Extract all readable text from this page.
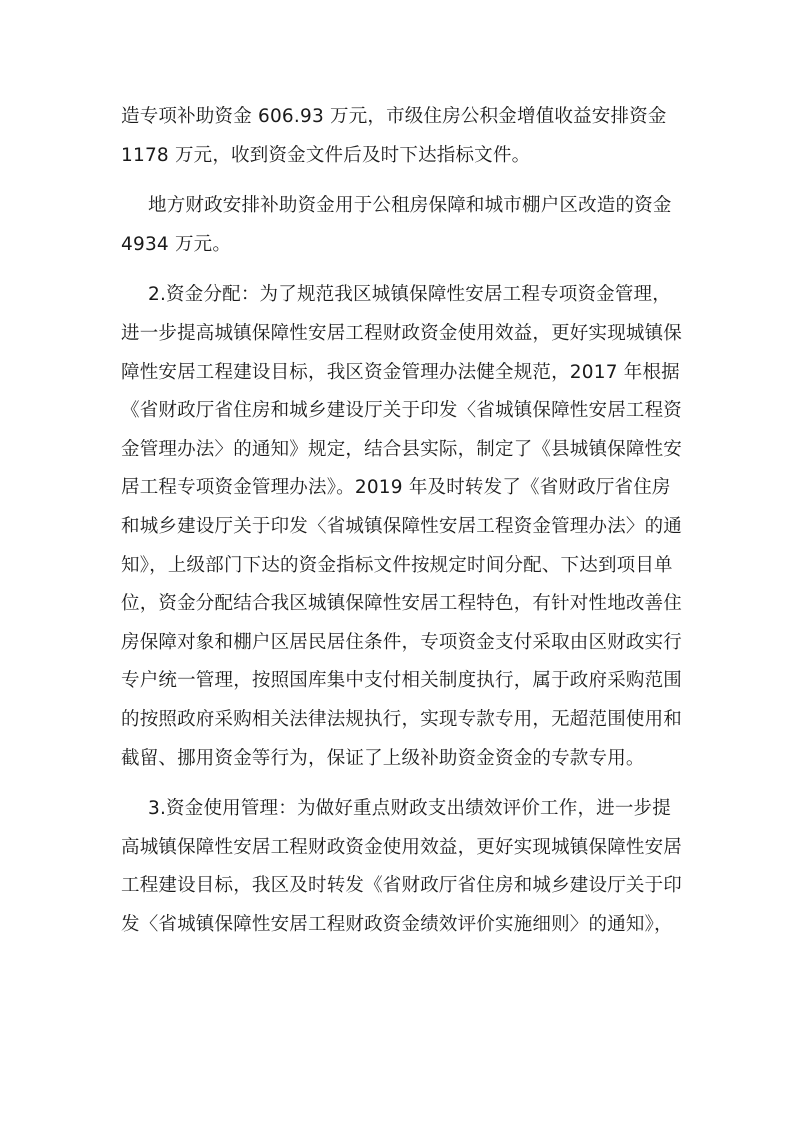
造专项补助资金 606.93 万元，市级住房公积金增值收益安排资金
1178 万元，收到资金文件后及时下达指标文件。
地方财政安排补助资金用于公租房保障和城市棚户区改造的资金
4934 万元。
2.资金分配：为了规范我区城镇保障性安居工程专项资金管理，
进一步提高城镇保障性安居工程财政资金使用效益，更好实现城镇保
障性安居工程建设目标，我区资金管理办法健全规范，2017 年根据
《省财政厅省住房和城乡建设厅关于印发〈省城镇保障性安居工程资
金管理办法〉的通知》规定，结合县实际，制定了《县城镇保障性安
居工程专项资金管理办法》。2019 年及时转发了《省财政厅省住房
和城乡建设厅关于印发〈省城镇保障性安居工程资金管理办法〉的通
知》，上级部门下达的资金指标文件按规定时间分配、下达到项目单
位，资金分配结合我区城镇保障性安居工程特色，有针对性地改善住
房保障对象和棚户区居民居住条件，专项资金支付采取由区财政实行
专户统一管理，按照国库集中支付相关制度执行，属于政府采购范围
的按照政府采购相关法律法规执行，实现专款专用，无超范围使用和
截留、挪用资金等行为，保证了上级补助资金资金的专款专用。
3.资金使用管理：为做好重点财政支出绩效评价工作，进一步提
高城镇保障性安居工程财政资金使用效益，更好实现城镇保障性安居
工程建设目标，我区及时转发《省财政厅省住房和城乡建设厅关于印
发〈省城镇保障性安居工程财政资金绩效评价实施细则〉的通知》，
